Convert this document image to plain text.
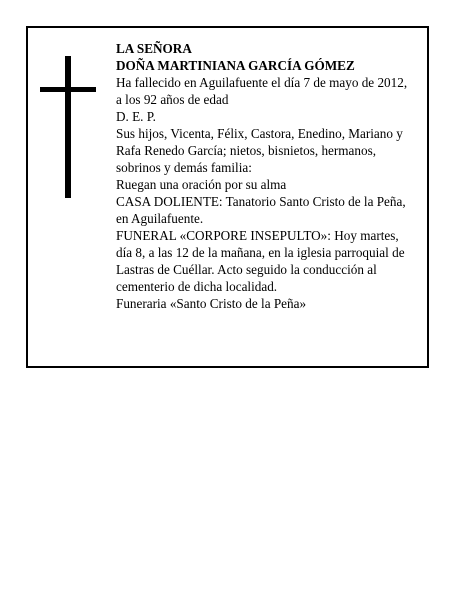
LA SEÑORA

DOÑA MARTINIANA GARCÍA GÓMEZ

Ha fallecido en Aguilafuente el día 7 de mayo de 2012,

a los 92 años de edad

D. E. P.

Sus hijos, Vicenta, Félix, Castora, Enedino, Mariano y

Rafa Renedo García; nietos, bisnietos, hermanos,

sobrinos y demás familia:

Ruegan una oración por su alma

CASA DOLIENTE: Tanatorio Santo Cristo de la Peña,

en Aguilafuente.

FUNERAL «CORPORE INSEPULTO»: Hoy martes,

día 8, a las 12 de la mañana, en la iglesia parroquial de

Lastras de Cuéllar. Acto seguido la conducción al

cementerio de dicha localidad.

Funeraria «Santo Cristo de la Peña»
